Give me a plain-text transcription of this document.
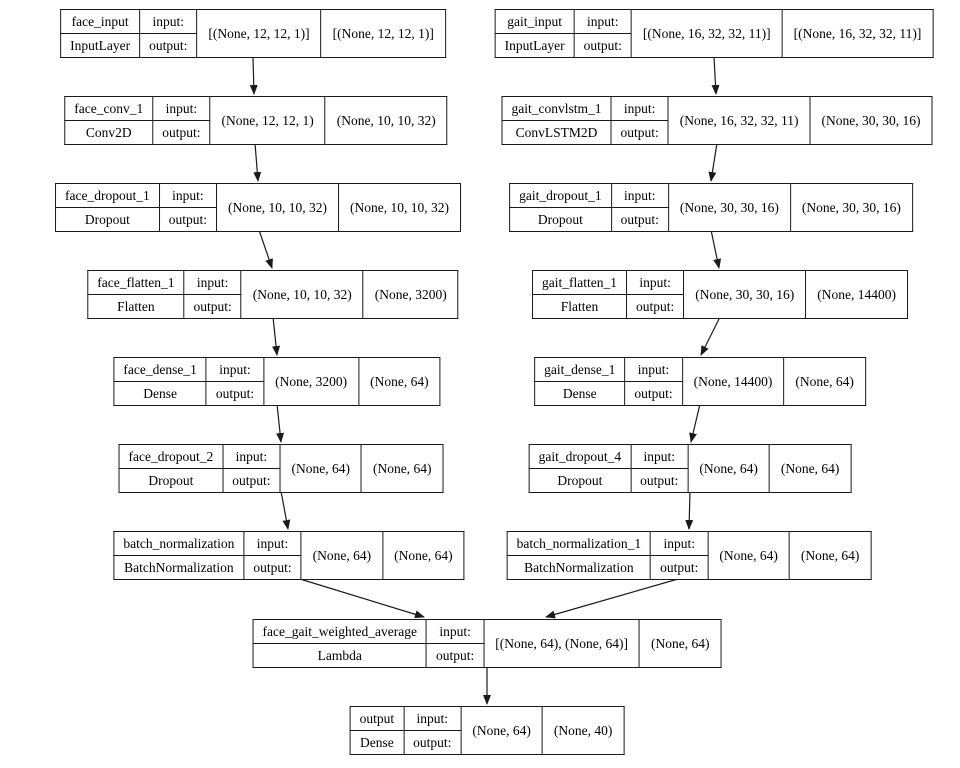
face_input	input:	[(None, 12, 12, 1)]	[(None, 12, 12, 1)]
InputLayer	output:		
gait_input	input:	[(None, 16, 32, 32, 11)]	[(None, 16, 32, 32, 11)]
InputLayer	output:		
face_conv_1	input:	(None, 12, 12, 1)	(None, 10, 10, 32)
Conv2D	output:		
gait_convlstm_1	input:	(None, 16, 32, 32, 11)	(None, 30, 30, 16)
ConvLSTM2D	output:		
face_dropout_1	input:	(None, 10, 10, 32)	(None, 10, 10, 32)
Dropout	output:		
gait_dropout_1	input:	(None, 30, 30, 16)	(None, 30, 30, 16)
Dropout	output:		
face_flatten_1	input:	(None, 10, 10, 32)	(None, 3200)
Flatten	output:		
gait_flatten_1	input:	(None, 30, 30, 16)	(None, 14400)
Flatten	output:		
face_dense_1	input:	(None, 3200)	(None, 64)
Dense	output:		
gait_dense_1	input:	(None, 14400)	(None, 64)
Dense	output:		
face_dropout_2	input:	(None, 64)	(None, 64)
Dropout	output:		
gait_dropout_4	input:	(None, 64)	(None, 64)
Dropout	output:		
batch_normalization	input:	(None, 64)	(None, 64)
BatchNormalization	output:		
batch_normalization_1	input:	(None, 64)	(None, 64)
BatchNormalization	output:		
face_gait_weighted_average	input:	[(None, 64), (None, 64)]	(None, 64)
Lambda	output:		
output	input:	(None, 64)	(None, 40)
Dense	output:		
